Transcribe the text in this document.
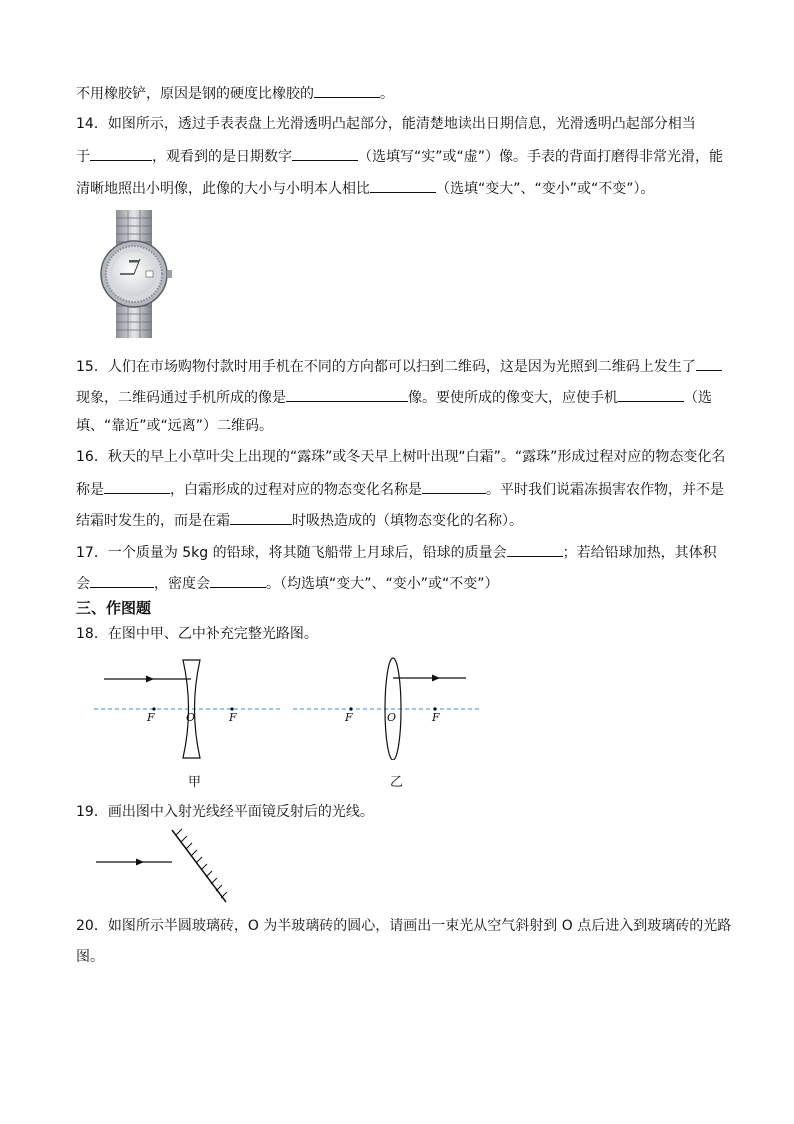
不用橡胶铲，原因是钢的硬度比橡胶的	。
14．如图所示，透过手表表盘上光滑透明凸起部分，能清楚地读出日期信息，光滑透明凸起部分相当
于	，观看到的是日期数字	（选填写“实”或“虚”）像。手表的背面打磨得非常光滑，能
清晰地照出小明像，此像的大小与小明本人相比	（选填“变大”、“变小”或“不变”）。
15．人们在市场购物付款时用手机在不同的方向都可以扫到二维码，这是因为光照到二维码上发生了
现象，二维码通过手机所成的像是	像。要使所成的像变大，应使手机	（选
填、“靠近”或“远离”）二维码。
16．秋天的早上小草叶尖上出现的“露珠”或冬天早上树叶出现“白霜”。“露珠”形成过程对应的物态变化名
称是	，白霜形成的过程对应的物态变化名称是	。平时我们说霜冻损害农作物，并不是
结霜时发生的，而是在霜	时吸热造成的（填物态变化的名称）。
17．一个质量为 5kg 的铅球，将其随飞船带上月球后，铅球的质量会	；若给铅球加热，其体积
会	，密度会	。（均选填“变大”、“变小”或“不变”）
三、作图题
18．在图中甲、乙中补充完整光路图。
F	O	F	F	O	F
甲	乙
19．画出图中入射光线经平面镜反射后的光线。
20．如图所示半圆玻璃砖，O 为半玻璃砖的圆心，请画出一束光从空气斜射到 O 点后进入到玻璃砖的光路
图。
